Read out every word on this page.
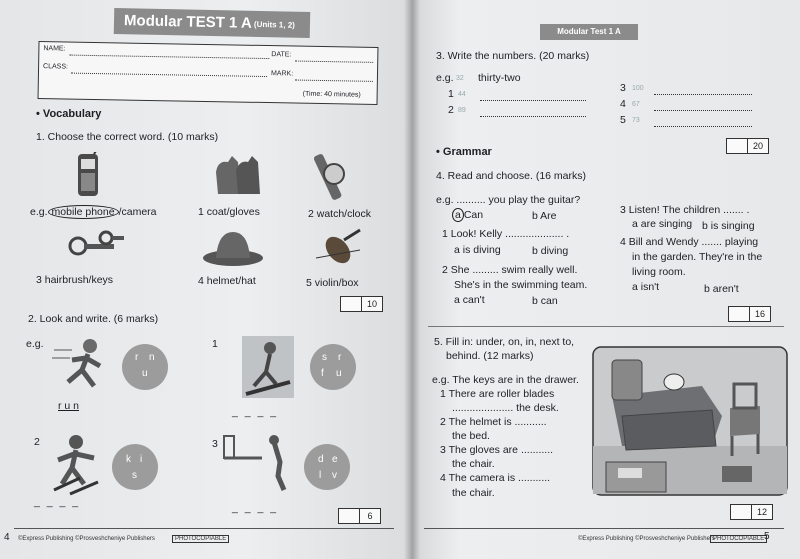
Modular TEST 1 A (Units 1, 2)
NAME:
DATE:
CLASS:
MARK:
(Time: 40 minutes)
• Vocabulary
1. Choose the correct word. (10 marks)
e.g. mobile phone /camera	1 coat/gloves	2 watch/clock
3 hairbrush/keys	4 helmet/hat	5 violin/box
10
2. Look and write. (6 marks)
e.g.
r n
u
r u n
1
s r
f u
_ _ _ _
2
k i
s
_ _ _ _
3
d e
l v
_ _ _ _
6
4 ©Express Publishing ©Prosveshcheniye Publishers	PHOTOCOPIABLE
Modular Test 1 A
3. Write the numbers. (20 marks)
e.g. 32 thirty-two
1 44
2 89
3 100
4 67
5 73
20
• Grammar
4. Read and choose. (16 marks)
e.g. .......... you play the guitar?
a Can	b Are
1 Look! Kelly .................... .
a is diving	b diving
2 She ......... swim really well.
She's in the swimming team.
a can't	b can
3 Listen! The children ....... .
a are singing b is singing
4 Bill and Wendy ....... playing
in the garden. They're in the
living room.
a isn't	b aren't
16
5. Fill in: under, on, in, next to,
behind. (12 marks)
e.g. The keys are in the drawer.
1 There are roller blades
..................... the desk.
2 The helmet is ...........
the bed.
3 The gloves are ...........
the chair.
4 The camera is ...........
the chair.
12
©Express Publishing ©Prosveshcheniye Publishers
PHOTOCOPIABLE 5
